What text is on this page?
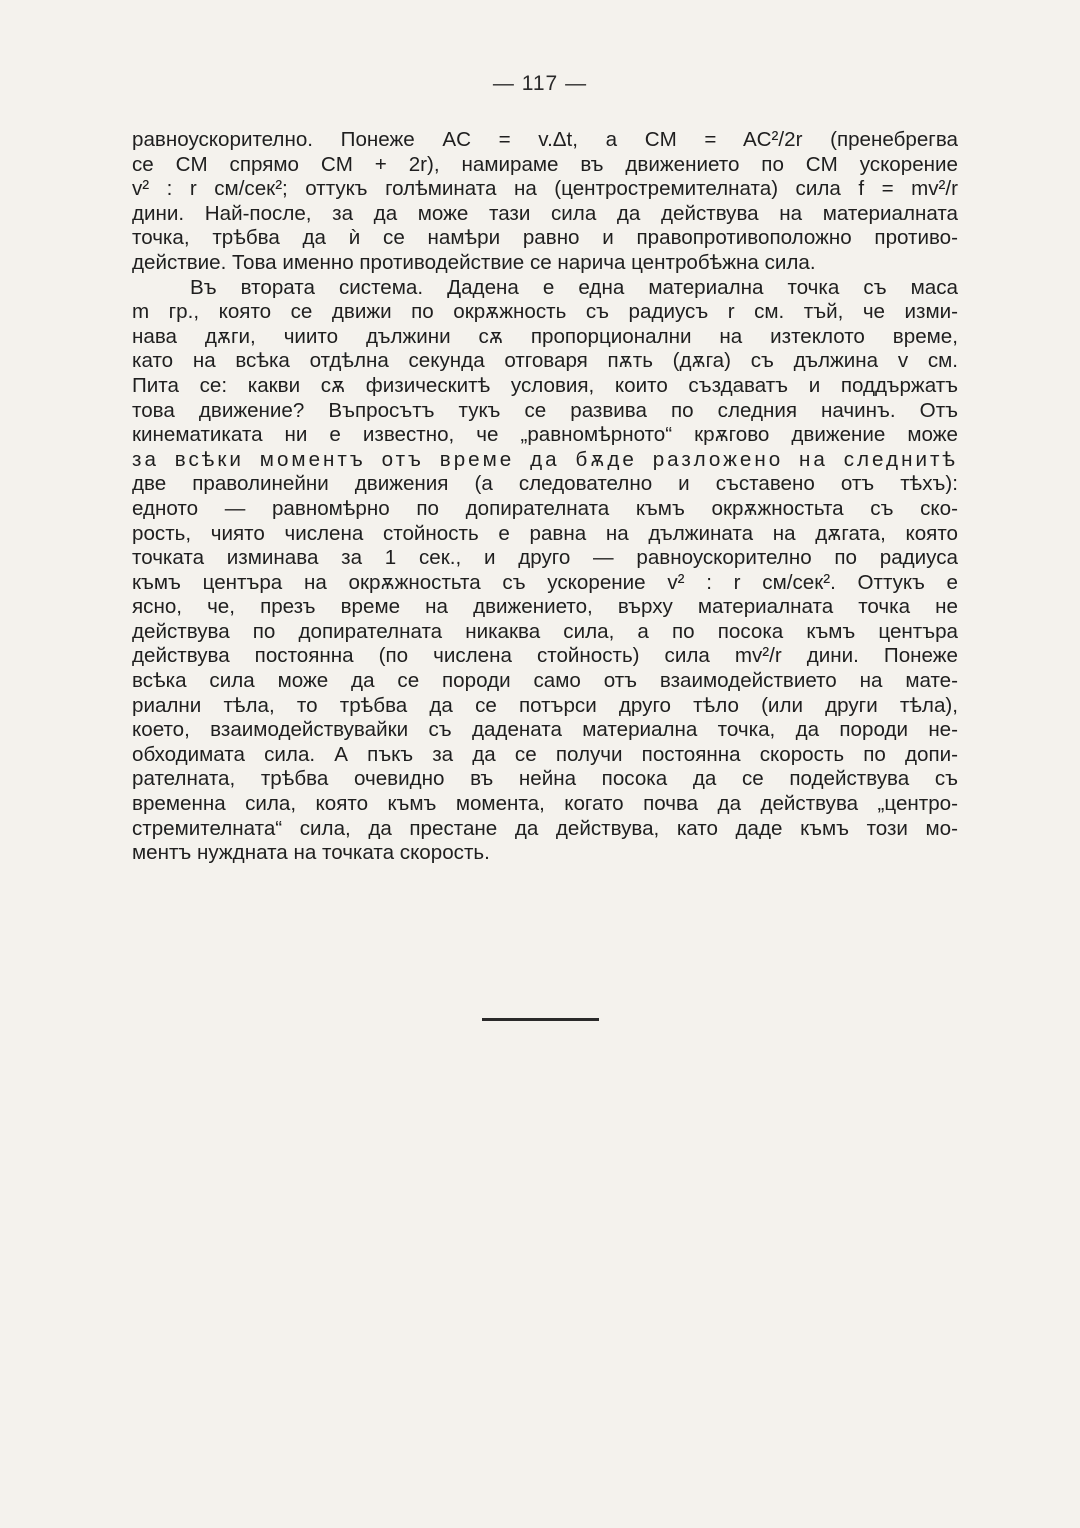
— 117 —
равноускорително. Понеже AC = v.Δt, a CM = AC²/2r (пренебрегва
се CM спрямо CM + 2r), намираме въ движението по CM ускорение
v² : r см/сек²; оттукъ голѣмината на (центростремителната) сила f = mv²/r
дини. Най-после, за да може тази сила да действува на материалната
точка, трѣбва да ѝ се намѣри равно и правопротивоположно противо-
действие. Това именно противодействие се нарича центробѣжна сила.
Въ втората система. Дадена е една материална точка съ маса
m гр., която се движи по окрѫжность съ радиусъ r см. тъй, че изми-
нава дѫги, чиито дължини сѫ пропорционални на изтеклото време,
като на всѣка отдѣлна секунда отговаря пѫть (дѫга) съ дължина v см.
Пита се: какви сѫ физическитѣ условия, които създаватъ и поддържатъ
това движение? Въпросътъ тукъ се развива по следния начинъ. Отъ
кинематиката ни е известно, че „равномѣрното“ крѫгово движение може
за всѣки моментъ отъ време да бѫде разложено на следнитѣ
две праволинейни движения (а следователно и съставено отъ тѣхъ):
едното — равномѣрно по допирателната къмъ окрѫжностьта съ ско-
рость, чиято числена стойность е равна на дължината на дѫгата, която
точката изминава за 1 сек., и друго — равноускорително по радиуса
къмъ центъра на окрѫжностьта съ ускорение v² : r см/сек². Оттукъ е
ясно, че, презъ време на движението, върху материалната точка не
действува по допирателната никаква сила, а по посока къмъ центъра
действува постоянна (по числена стойность) сила mv²/r дини. Понеже
всѣка сила може да се породи само отъ взаимодействието на мате-
риални тѣла, то трѣбва да се потърси друго тѣло (или други тѣла),
което, взаимодействувайки съ дадената материална точка, да породи не-
обходимата сила. А пъкъ за да се получи постоянна скорость по допи-
рателната, трѣбва очевидно въ нейна посока да се подействува съ
временна сила, която къмъ момента, когато почва да действува „центро-
стремителната“ сила, да престане да действува, като даде къмъ този мо-
ментъ нуждната на точката скорость.
